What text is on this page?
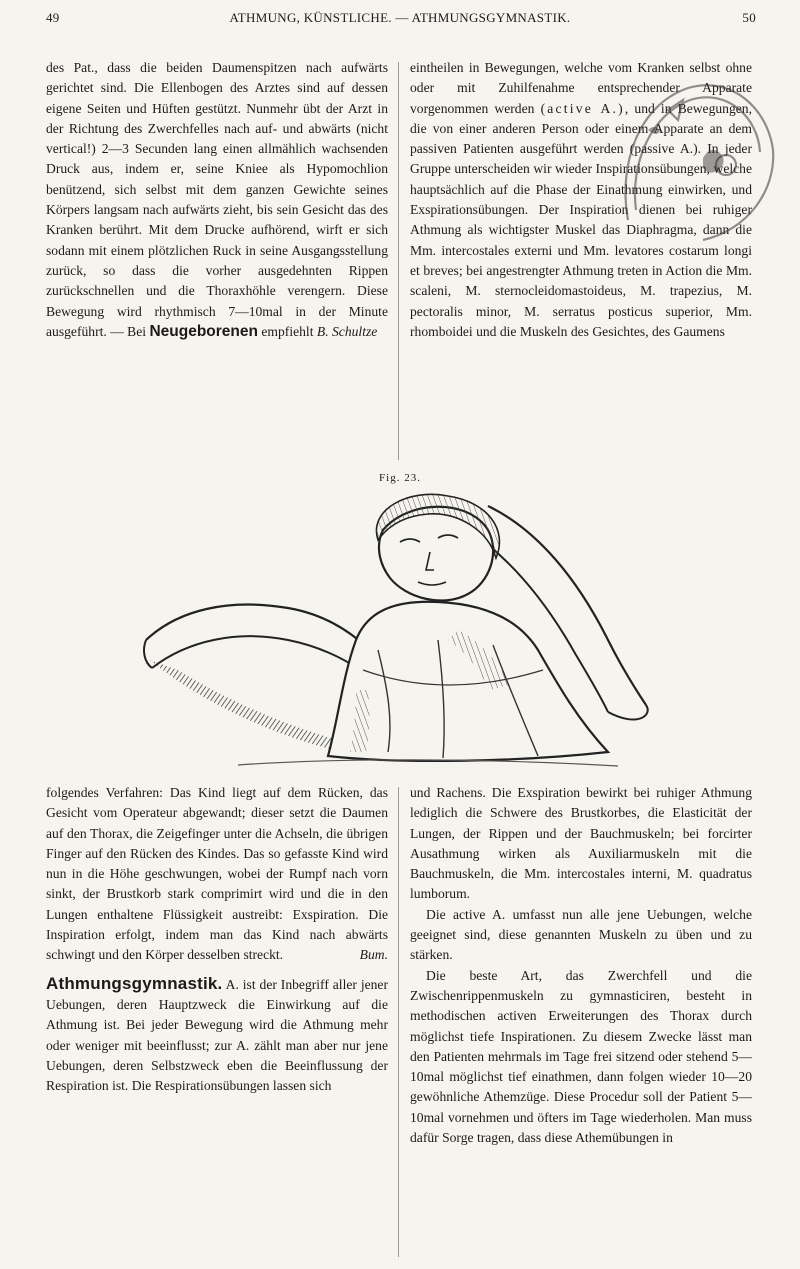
49	ATHMUNG, KÜNSTLICHE. — ATHMUNGSGYMNASTIK.	50

des Pat., dass die beiden Daumenspitzen nach aufwärts gerichtet sind. Die Ellenbogen des Arztes sind auf dessen eigene Seiten und Hüften gestützt. Nunmehr übt der Arzt in der Richtung des Zwerchfelles nach auf- und abwärts (nicht vertical!) 2—3 Secunden lang einen allmählich wachsenden Druck aus, indem er, seine Kniee als Hypomochlion benützend, sich selbst mit dem ganzen Gewichte seines Körpers langsam nach aufwärts zieht, bis sein Gesicht das des Kranken berührt. Mit dem Drucke aufhörend, wirft er sich sodann mit einem plötzlichen Ruck in seine Ausgangsstellung zurück, so dass die vorher ausgedehnten Rippen zurückschnellen und die Thoraxhöhle verengern. Diese Bewegung wird rhythmisch 7—10mal in der Minute ausgeführt. — Bei Neugeborenen empfiehlt B. Schultze

eintheilen in Bewegungen, welche vom Kranken selbst ohne oder mit Zuhilfenahme entsprechender Apparate vorgenommen werden (active A.), und in Bewegungen, die von einer anderen Person oder einem Apparate an dem passiven Patienten ausgeführt werden (passive A.). In jeder Gruppe unterscheiden wir wieder Inspirationsübungen, welche hauptsächlich auf die Phase der Einathmung einwirken, und Exspirationsübungen. Der Inspiration dienen bei ruhiger Athmung als wichtigster Muskel das Diaphragma, dann die Mm. intercostales externi und Mm. levatores costarum longi et breves; bei angestrengter Athmung treten in Action die Mm. scaleni, M. sternocleidomastoideus, M. trapezius, M. pectoralis minor, M. serratus posticus superior, Mm. rhomboidei und die Muskeln des Gesichtes, des Gaumens

Fig. 23.

folgendes Verfahren: Das Kind liegt auf dem Rücken, das Gesicht vom Operateur abgewandt; dieser setzt die Daumen auf den Thorax, die Zeigefinger unter die Achseln, die übrigen Finger auf den Rücken des Kindes. Das so gefasste Kind wird nun in die Höhe geschwungen, wobei der Rumpf nach vorn sinkt, der Brustkorb stark comprimirt wird und die in den Lungen enthaltene Flüssigkeit austreibt: Exspiration. Die Inspiration erfolgt, indem man das Kind nach abwärts schwingt und den Körper desselben streckt.	Bum.

Athmungsgymnastik. A. ist der Inbegriff aller jener Uebungen, deren Hauptzweck die Einwirkung auf die Athmung ist. Bei jeder Bewegung wird die Athmung mehr oder weniger mit beeinflusst; zur A. zählt man aber nur jene Uebungen, deren Selbstzweck eben die Beeinflussung der Respiration ist. Die Respirationsübungen lassen sich

und Rachens. Die Exspiration bewirkt bei ruhiger Athmung lediglich die Schwere des Brustkorbes, die Elasticität der Lungen, der Rippen und der Bauchmuskeln; bei forcirter Ausathmung wirken als Auxiliarmuskeln mit die Bauchmuskeln, die Mm. intercostales interni, M. quadratus lumborum.

Die active A. umfasst nun alle jene Uebungen, welche geeignet sind, diese genannten Muskeln zu üben und zu stärken.

Die beste Art, das Zwerchfell und die Zwischenrippenmuskeln zu gymnasticiren, besteht in methodischen activen Erweiterungen des Thorax durch möglichst tiefe Inspirationen. Zu diesem Zwecke lässt man den Patienten mehrmals im Tage frei sitzend oder stehend 5—10mal möglichst tief einathmen, dann folgen wieder 10—20 gewöhnliche Athemzüge. Diese Procedur soll der Patient 5—10mal vornehmen und öfters im Tage wiederholen. Man muss dafür Sorge tragen, dass diese Athemübungen in
